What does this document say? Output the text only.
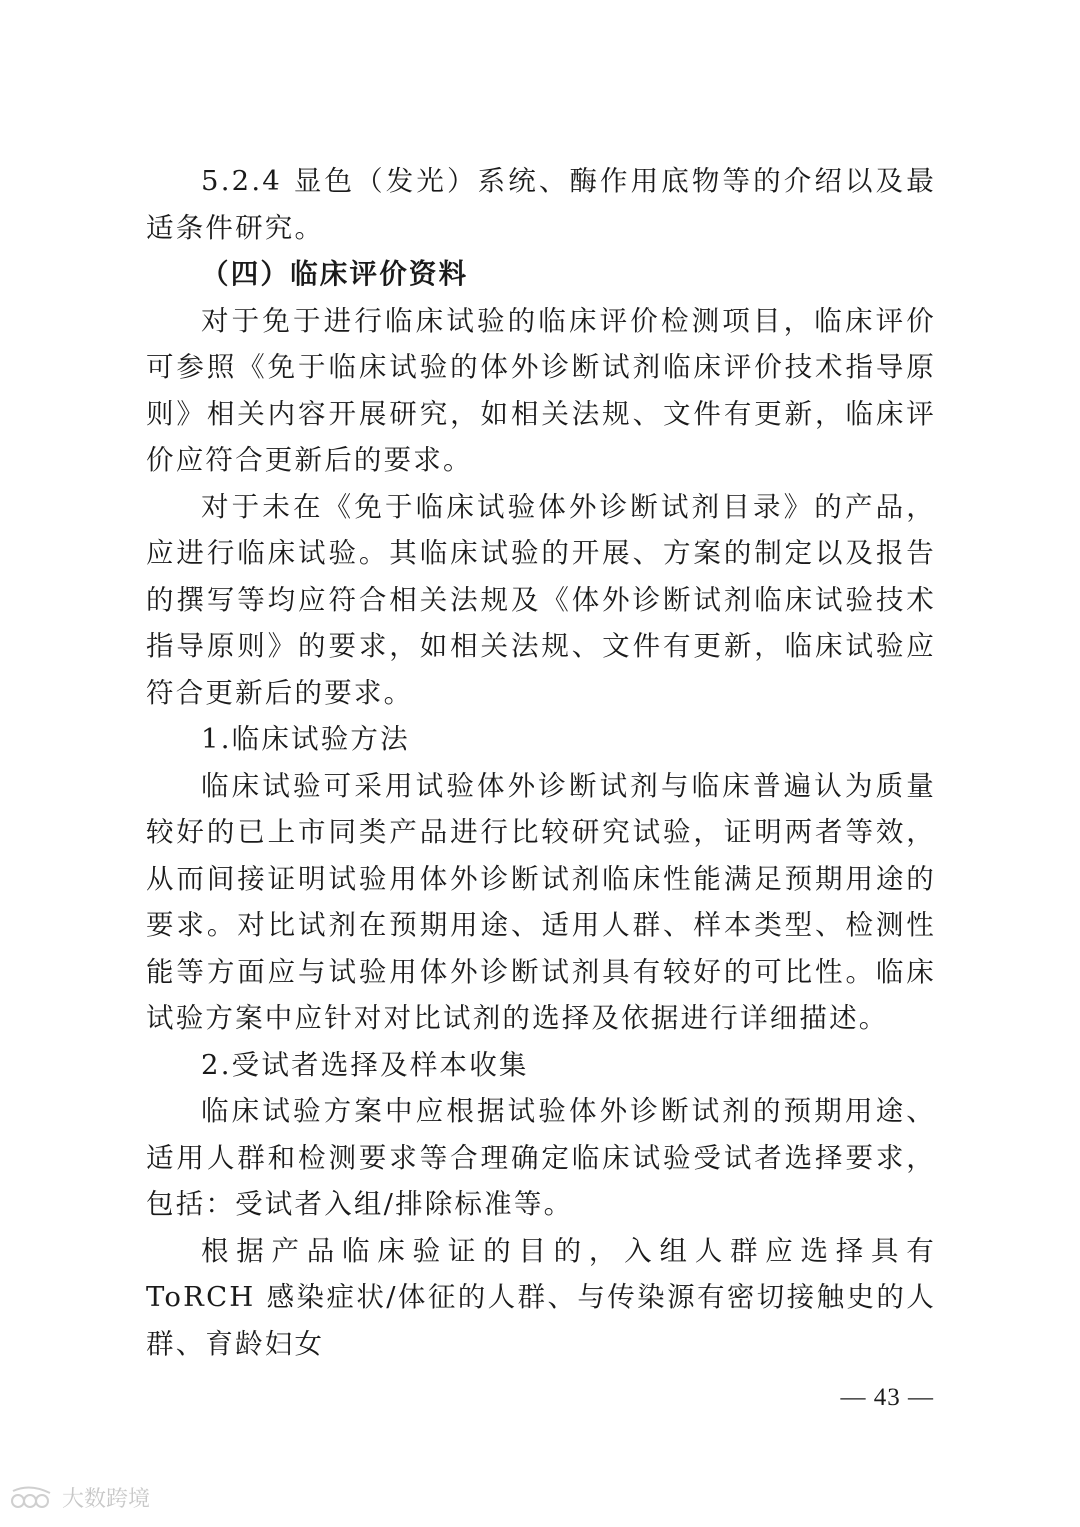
5.2.4 显色（发光）系统、酶作用底物等的介绍以及最适条件研究。

（四）临床评价资料

对于免于进行临床试验的临床评价检测项目，临床评价可参照《免于临床试验的体外诊断试剂临床评价技术指导原则》相关内容开展研究，如相关法规、文件有更新，临床评价应符合更新后的要求。

对于未在《免于临床试验体外诊断试剂目录》的产品，应进行临床试验。其临床试验的开展、方案的制定以及报告的撰写等均应符合相关法规及《体外诊断试剂临床试验技术指导原则》的要求，如相关法规、文件有更新，临床试验应符合更新后的要求。

1.临床试验方法

临床试验可采用试验体外诊断试剂与临床普遍认为质量较好的已上市同类产品进行比较研究试验，证明两者等效，从而间接证明试验用体外诊断试剂临床性能满足预期用途的要求。对比试剂在预期用途、适用人群、样本类型、检测性能等方面应与试验用体外诊断试剂具有较好的可比性。临床试验方案中应针对对比试剂的选择及依据进行详细描述。

2.受试者选择及样本收集

临床试验方案中应根据试验体外诊断试剂的预期用途、适用人群和检测要求等合理确定临床试验受试者选择要求，包括：受试者入组/排除标准等。

根据产品临床验证的目的，入组人群应选择具有 ToRCH 感染症状/体征的人群、与传染源有密切接触史的人群、育龄妇女

— 43 —
大数跨境
